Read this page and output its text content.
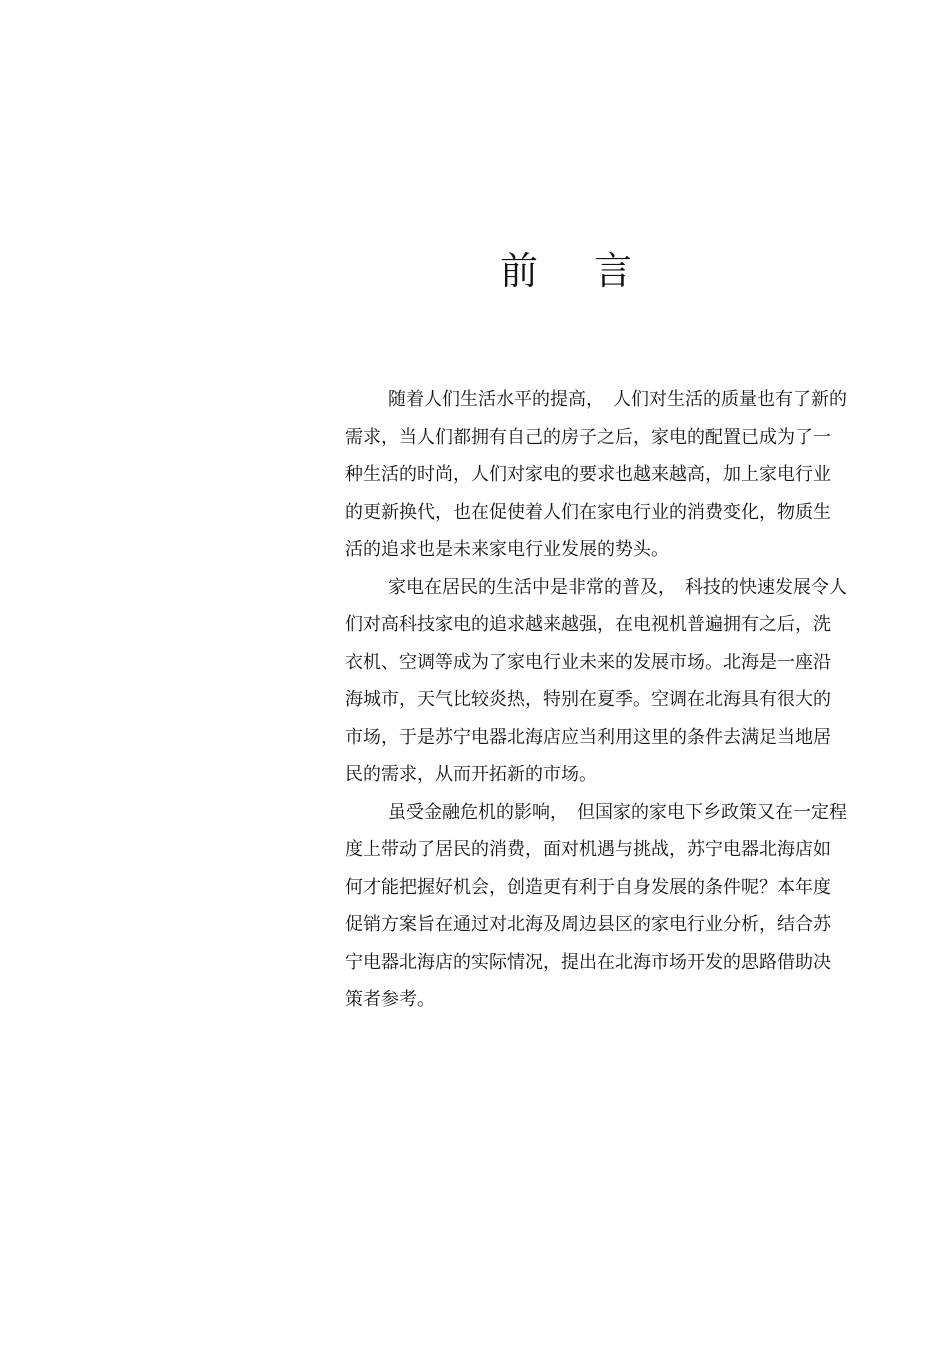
前 言
随着人们生活水平的提高，　人们对生活的质量也有了新的
需求，当人们都拥有自己的房子之后，家电的配置已成为了一
种生活的时尚，人们对家电的要求也越来越高，加上家电行业
的更新换代，也在促使着人们在家电行业的消费变化，物质生
活的追求也是未来家电行业发展的势头。
家电在居民的生活中是非常的普及，　科技的快速发展令人
们对高科技家电的追求越来越强，在电视机普遍拥有之后，洗
衣机、空调等成为了家电行业未来的发展市场。北海是一座沿
海城市，天气比较炎热，特别在夏季。空调在北海具有很大的
市场，于是苏宁电器北海店应当利用这里的条件去满足当地居
民的需求，从而开拓新的市场。
虽受金融危机的影响，　但国家的家电下乡政策又在一定程
度上带动了居民的消费，面对机遇与挑战，苏宁电器北海店如
何才能把握好机会，创造更有利于自身发展的条件呢？本年度
促销方案旨在通过对北海及周边县区的家电行业分析，结合苏
宁电器北海店的实际情况，提出在北海市场开发的思路借助决
策者参考。
